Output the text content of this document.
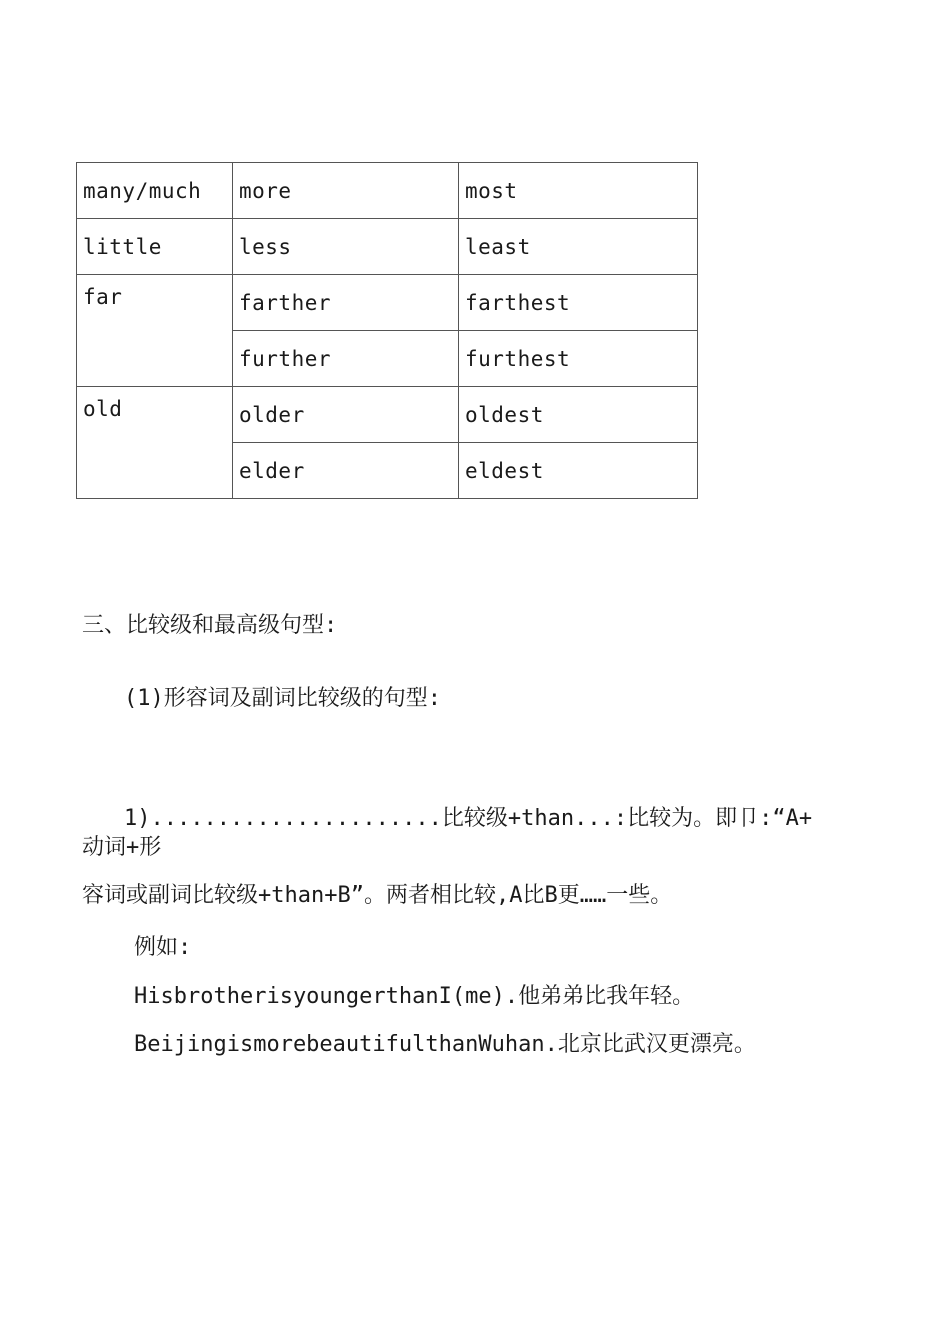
many/much	more	most
little	less	least
far	farther	farthest
	further	furthest
old	older	oldest
	elder	eldest
三、比较级和最高级句型:
(1)形容词及副词比较级的句型:
1)......................比较级+than...:比较为。即卩:“A+
动词+形
容词或副词比较级+than+B”。两者相比较,A比B更……一些。
例如:
HisbrotherisyoungerthanI(me).他弟弟比我年轻。
BeijingismorebeautifulthanWuhan.北京比武汉更漂亮。
